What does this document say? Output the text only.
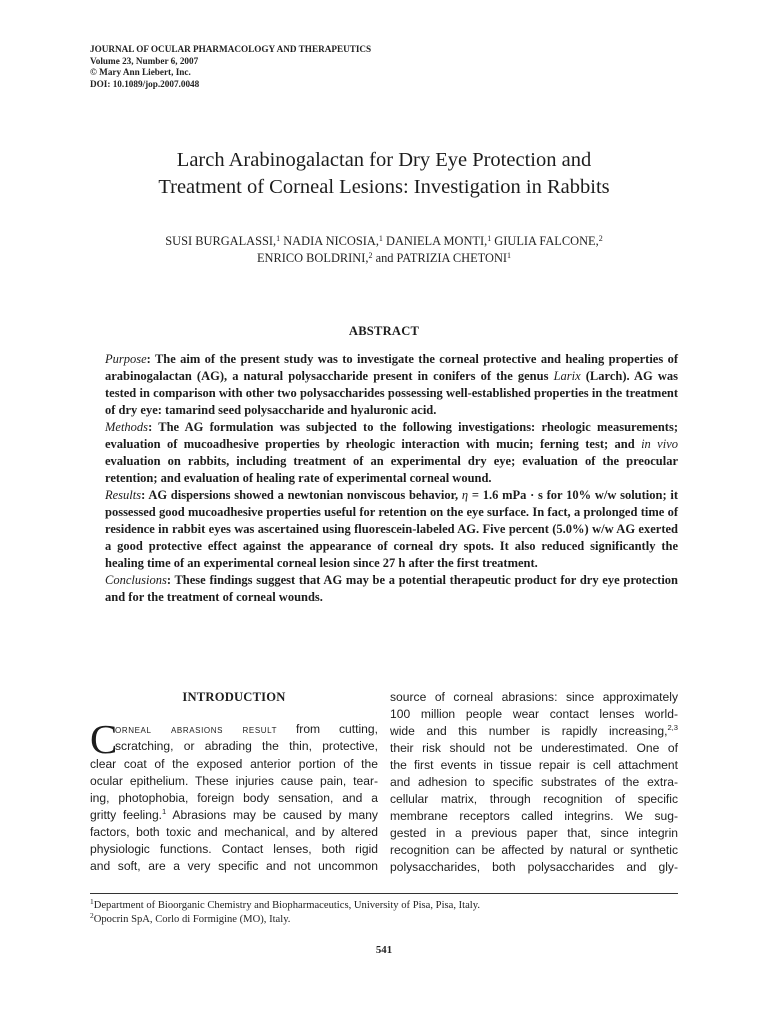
JOURNAL OF OCULAR PHARMACOLOGY AND THERAPEUTICS
Volume 23, Number 6, 2007
© Mary Ann Liebert, Inc.
DOI: 10.1089/jop.2007.0048
Larch Arabinogalactan for Dry Eye Protection and
Treatment of Corneal Lesions: Investigation in Rabbits
SUSI BURGALASSI,$^1$ NADIA NICOSIA,$^1$ DANIELA MONTI,$^1$ GIULIA FALCONE,$^2$
ENRICO BOLDRINI,$^2$ and PATRIZIA CHETONI$^1$
ABSTRACT

Purpose: The aim of the present study was to investigate the corneal protective and healing properties of arabinogalactan (AG), a natural polysaccharide present in conifers of the genus Larix (Larch). AG was tested in comparison with other two polysaccharides possessing well-established properties in the treatment of dry eye: tamarind seed polysaccharide and hyaluronic acid.

Methods: The AG formulation was subjected to the following investigations: rheologic measurements; evaluation of mucoadhesive properties by rheologic interaction with mucin; ferning test; and in vivo evaluation on rabbits, including treatment of an experimental dry eye; evaluation of the preocular retention; and evaluation of healing rate of experimental corneal wound.

Results: AG dispersions showed a newtonian nonviscous behavior, η = 1.6 mPa · s for 10% w/w solution; it possessed good mucoadhesive properties useful for retention on the eye surface. In fact, a prolonged time of residence in rabbit eyes was ascertained using fluorescein-labeled AG. Five percent (5.0%) w/w AG exerted a good protective effect against the appearance of corneal dry spots. It also reduced significantly the healing time of an experimental corneal lesion since 27 h after the first treatment.

Conclusions: These findings suggest that AG may be a potential therapeutic product for dry eye protection and for the treatment of corneal wounds.

INTRODUCTION
C
orneal abrasions result from cutting,
scratching, or abrading the thin, protective,
clear coat of the exposed anterior portion of the
ocular epithelium. These injuries cause pain, tear-
ing, photophobia, foreign body sensation, and a
gritty feeling.$^1$ Abrasions may be caused by many
factors, both toxic and mechanical, and by altered
physiologic functions. Contact lenses, both rigid
and soft, are a very specific and not uncommon
source of corneal abrasions: since approximately
100 million people wear contact lenses world-
wide and this number is rapidly increasing,$^{2,3}$
their risk should not be underestimated. One of
the first events in tissue repair is cell attachment
and adhesion to specific substrates of the extra-
cellular matrix, through recognition of specific
membrane receptors called integrins. We sug-
gested in a previous paper that, since integrin
recognition can be affected by natural or synthetic
polysaccharides, both polysaccharides and gly-
$^1$Department of Bioorganic Chemistry and Biopharmaceutics, University of Pisa, Pisa, Italy.
$^2$Opocrin SpA, Corlo di Formigine (MO), Italy.
541
